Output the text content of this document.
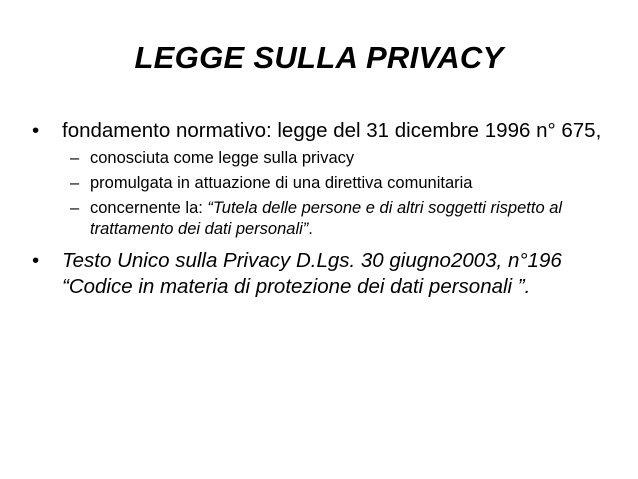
LEGGE SULLA PRIVACY
• fondamento normativo: legge del 31 dicembre 1996 n° 675,
– conosciuta come legge sulla privacy
– promulgata in attuazione di una direttiva comunitaria
– concernente la: “Tutela delle persone e di altri soggetti rispetto al trattamento dei dati personali”.
• Testo Unico sulla Privacy D.Lgs. 30 giugno2003, n°196 “Codice in materia di protezione dei dati personali ”.
